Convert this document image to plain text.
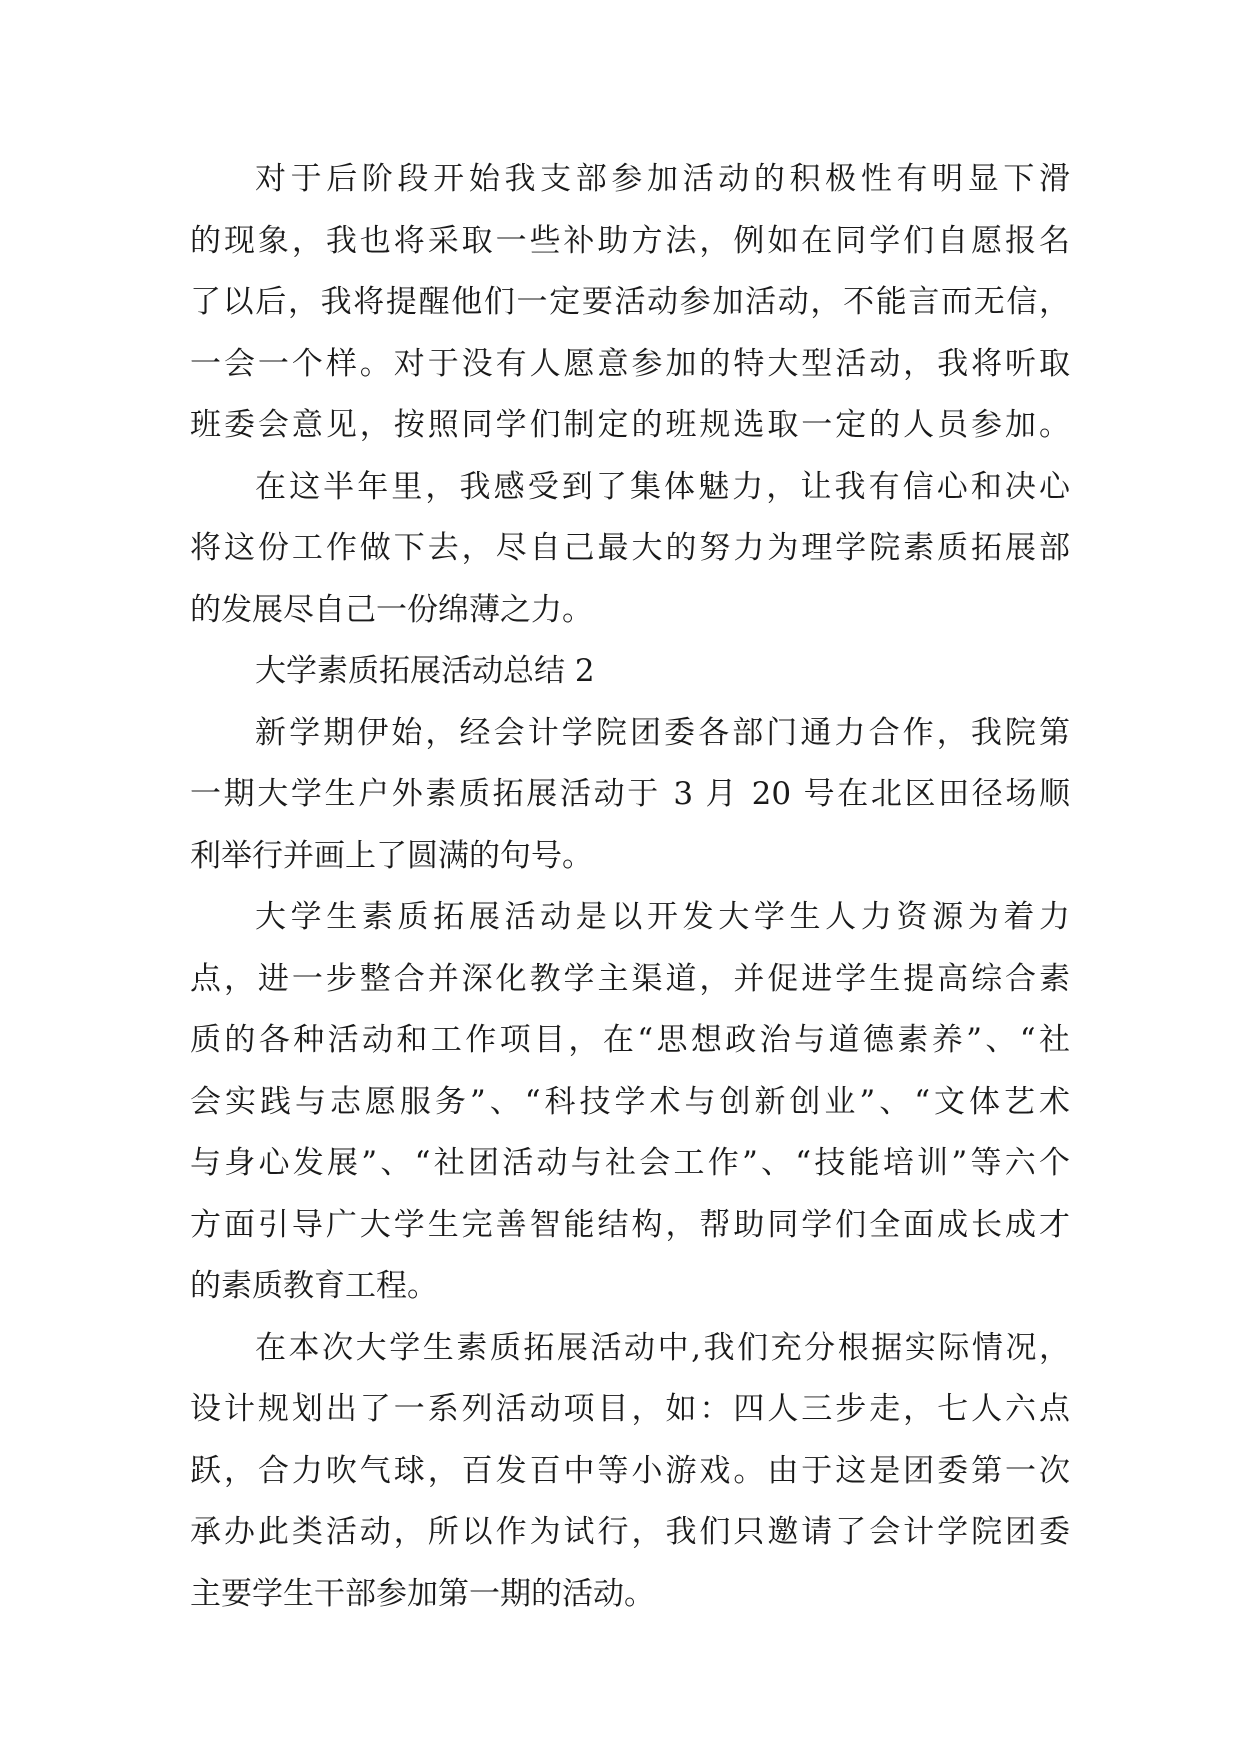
对于后阶段开始我支部参加活动的积极性有明显下滑
的现象，我也将采取一些补助方法，例如在同学们自愿报名
了以后，我将提醒他们一定要活动参加活动，不能言而无信，
一会一个样。对于没有人愿意参加的特大型活动，我将听取
班委会意见，按照同学们制定的班规选取一定的人员参加。
在这半年里，我感受到了集体魅力，让我有信心和决心
将这份工作做下去，尽自己最大的努力为理学院素质拓展部
的发展尽自己一份绵薄之力。
大学素质拓展活动总结 2
新学期伊始，经会计学院团委各部门通力合作，我院第
一期大学生户外素质拓展活动于 3 月 20 号在北区田径场顺
利举行并画上了圆满的句号。
大学生素质拓展活动是以开发大学生人力资源为着力
点，进一步整合并深化教学主渠道，并促进学生提高综合素
质的各种活动和工作项目，在“思想政治与道德素养”、“社
会实践与志愿服务”、“科技学术与创新创业”、“文体艺术
与身心发展”、“社团活动与社会工作”、“技能培训”等六个
方面引导广大学生完善智能结构，帮助同学们全面成长成才
的素质教育工程。
在本次大学生素质拓展活动中,我们充分根据实际情况，
设计规划出了一系列活动项目，如：四人三步走，七人六点
跃，合力吹气球，百发百中等小游戏。由于这是团委第一次
承办此类活动，所以作为试行，我们只邀请了会计学院团委
主要学生干部参加第一期的活动。
